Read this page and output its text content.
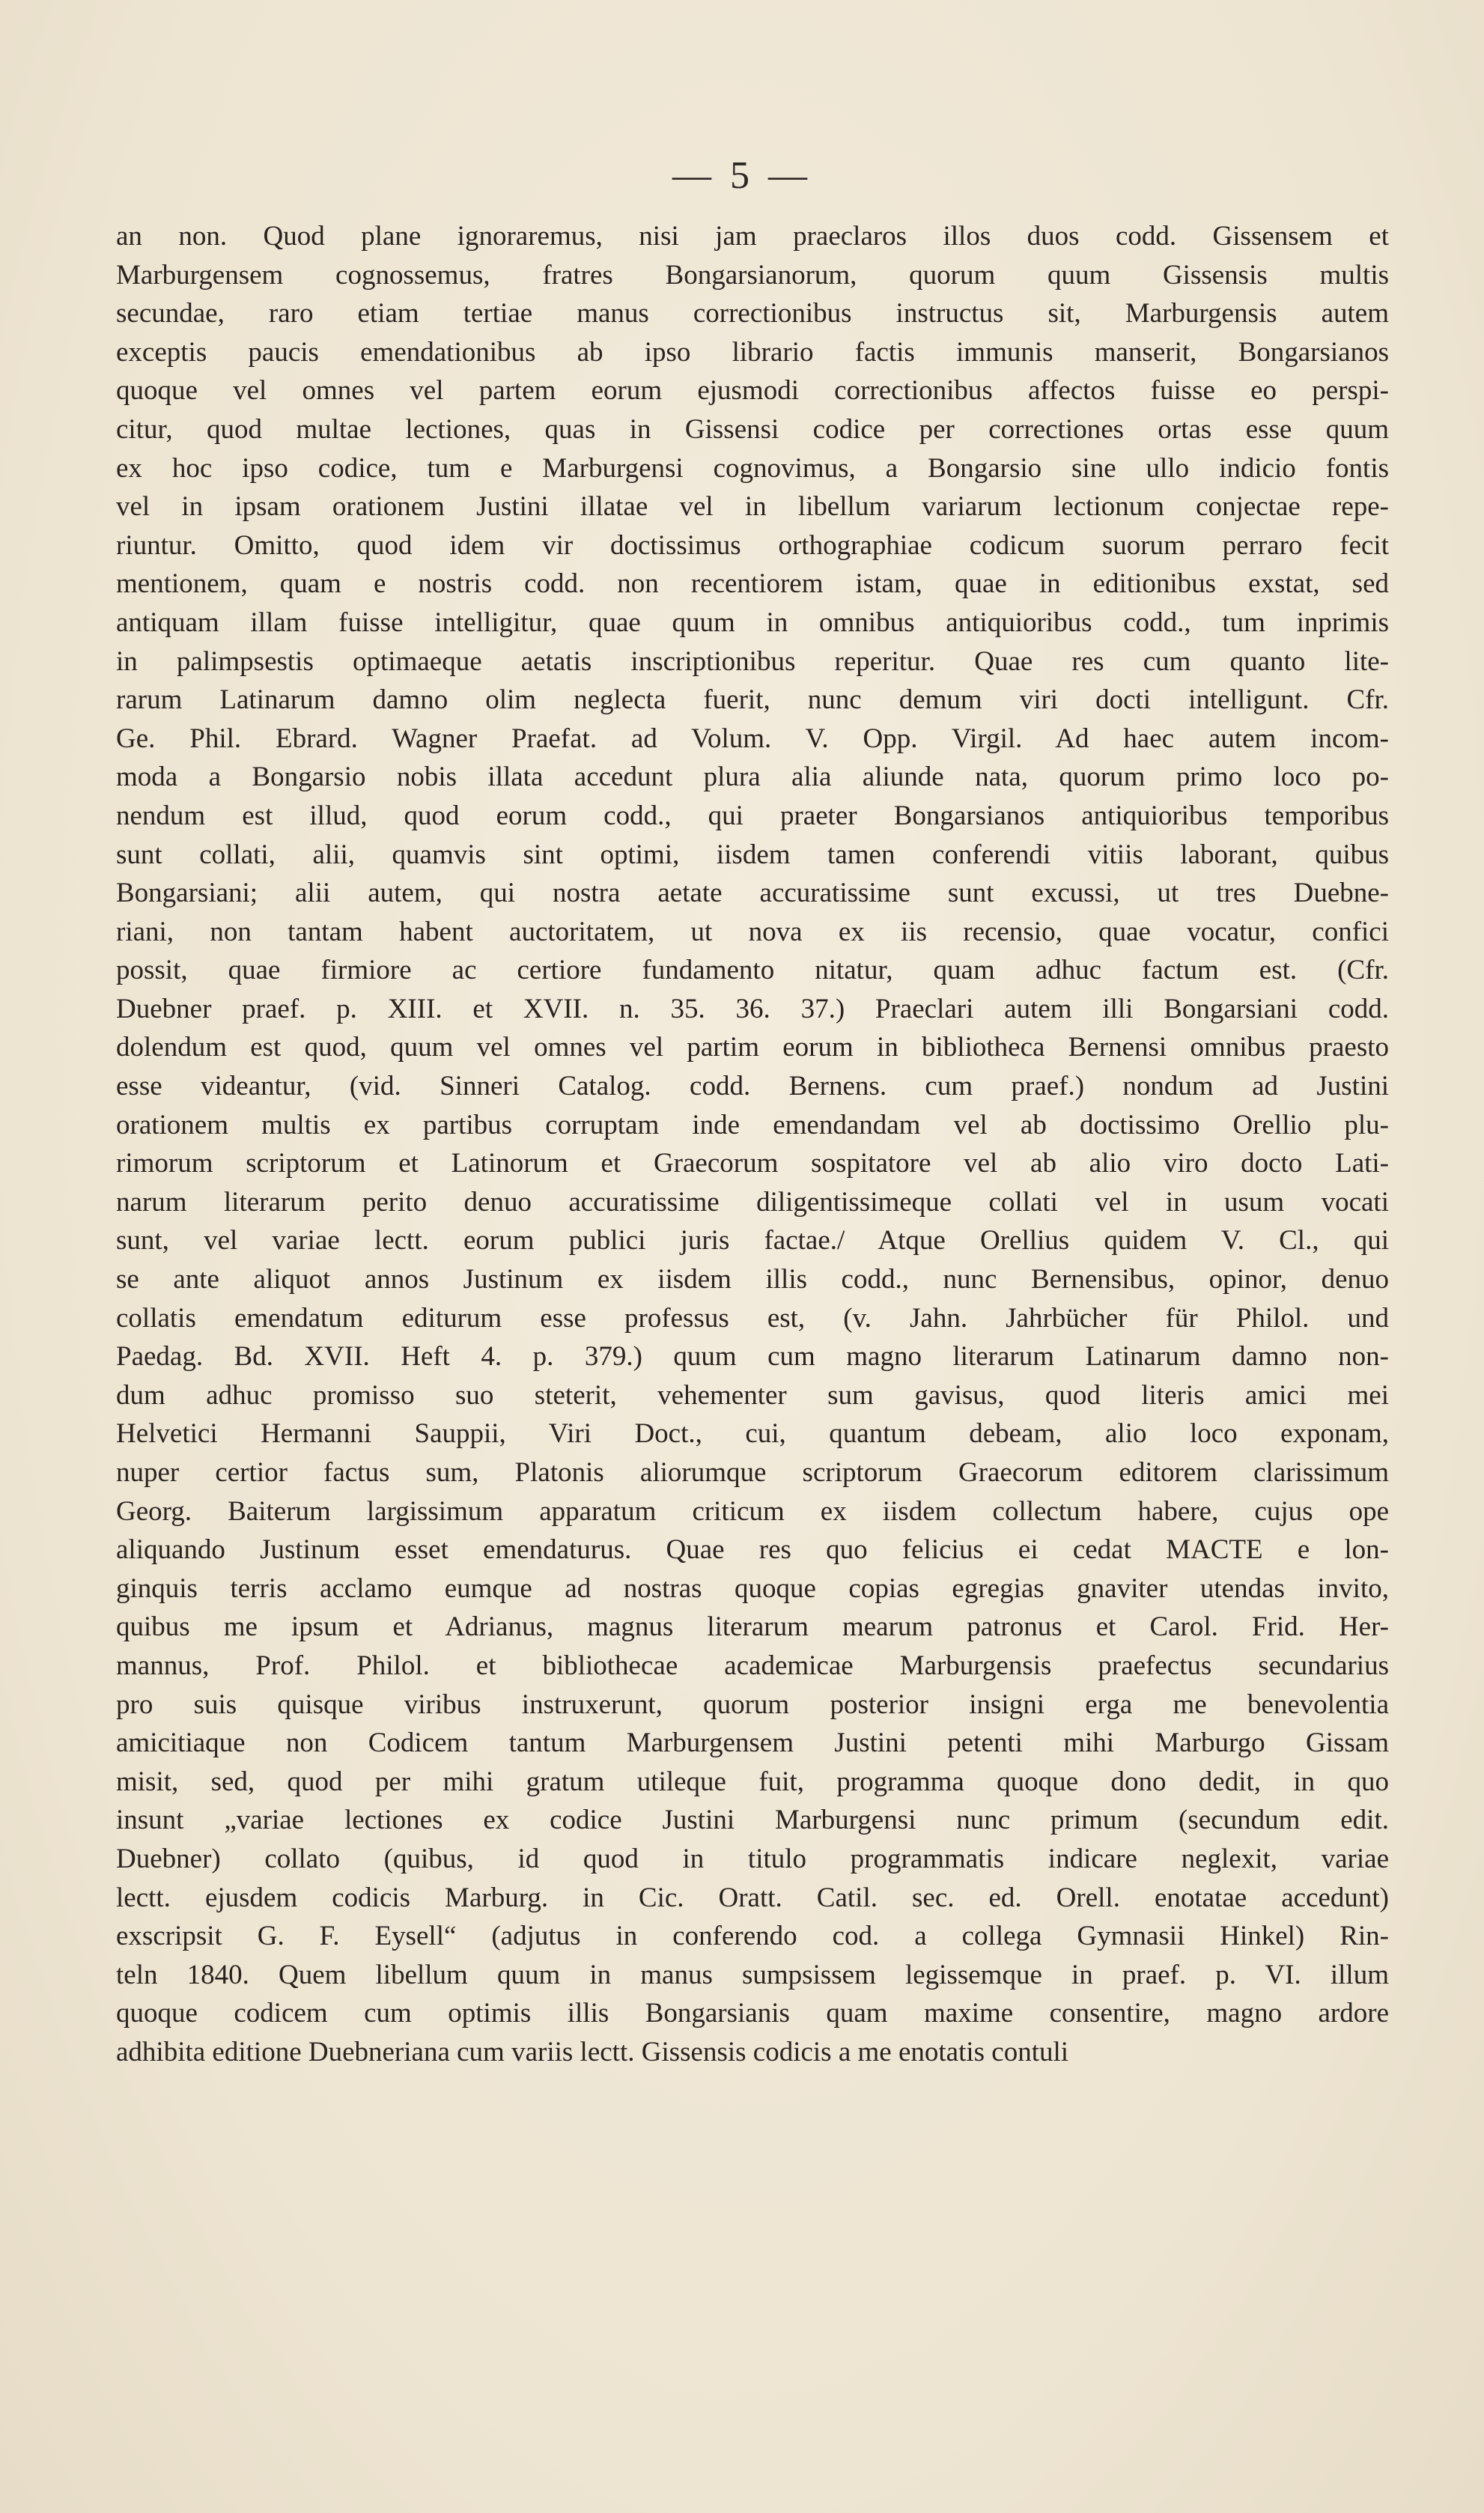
— 5 —
an non. Quod plane ignoraremus, nisi jam praeclaros illos duos codd. Gissensem et
Marburgensem cognossemus, fratres Bongarsianorum, quorum quum Gissensis multis
secundae, raro etiam tertiae manus correctionibus instructus sit, Marburgensis autem
exceptis paucis emendationibus ab ipso librario factis immunis manserit, Bongarsianos
quoque vel omnes vel partem eorum ejusmodi correctionibus affectos fuisse eo perspi-
citur, quod multae lectiones, quas in Gissensi codice per correctiones ortas esse quum
ex hoc ipso codice, tum e Marburgensi cognovimus, a Bongarsio sine ullo indicio fontis
vel in ipsam orationem Justini illatae vel in libellum variarum lectionum conjectae repe-
riuntur. Omitto, quod idem vir doctissimus orthographiae codicum suorum perraro fecit
mentionem, quam e nostris codd. non recentiorem istam, quae in editionibus exstat, sed
antiquam illam fuisse intelligitur, quae quum in omnibus antiquioribus codd., tum inprimis
in palimpsestis optimaeque aetatis inscriptionibus reperitur. Quae res cum quanto lite-
rarum Latinarum damno olim neglecta fuerit, nunc demum viri docti intelligunt. Cfr.
Ge. Phil. Ebrard. Wagner Praefat. ad Volum. V. Opp. Virgil. Ad haec autem incom-
moda a Bongarsio nobis illata accedunt plura alia aliunde nata, quorum primo loco po-
nendum est illud, quod eorum codd., qui praeter Bongarsianos antiquioribus temporibus
sunt collati, alii, quamvis sint optimi, iisdem tamen conferendi vitiis laborant, quibus
Bongarsiani; alii autem, qui nostra aetate accuratissime sunt excussi, ut tres Duebne-
riani, non tantam habent auctoritatem, ut nova ex iis recensio, quae vocatur, confici
possit, quae firmiore ac certiore fundamento nitatur, quam adhuc factum est. (Cfr.
Duebner praef. p. XIII. et XVII. n. 35. 36. 37.) Praeclari autem illi Bongarsiani codd.
dolendum est quod, quum vel omnes vel partim eorum in bibliotheca Bernensi omnibus praesto
esse videantur, (vid. Sinneri Catalog. codd. Bernens. cum praef.) nondum ad Justini
orationem multis ex partibus corruptam inde emendandam vel ab doctissimo Orellio plu-
rimorum scriptorum et Latinorum et Graecorum sospitatore vel ab alio viro docto Lati-
narum literarum perito denuo accuratissime diligentissimeque collati vel in usum vocati
sunt, vel variae lectt. eorum publici juris factae./ Atque Orellius quidem V. Cl., qui
se ante aliquot annos Justinum ex iisdem illis codd., nunc Bernensibus, opinor, denuo
collatis emendatum editurum esse professus est, (v. Jahn. Jahrbücher für Philol. und
Paedag. Bd. XVII. Heft 4. p. 379.) quum cum magno literarum Latinarum damno non-
dum adhuc promisso suo steterit, vehementer sum gavisus, quod literis amici mei
Helvetici Hermanni Sauppii, Viri Doct., cui, quantum debeam, alio loco exponam,
nuper certior factus sum, Platonis aliorumque scriptorum Graecorum editorem clarissimum
Georg. Baiterum largissimum apparatum criticum ex iisdem collectum habere, cujus ope
aliquando Justinum esset emendaturus. Quae res quo felicius ei cedat MACTE e lon-
ginquis terris acclamo eumque ad nostras quoque copias egregias gnaviter utendas invito,
quibus me ipsum et Adrianus, magnus literarum mearum patronus et Carol. Frid. Her-
mannus, Prof. Philol. et bibliothecae academicae Marburgensis praefectus secundarius
pro suis quisque viribus instruxerunt, quorum posterior insigni erga me benevolentia
amicitiaque non Codicem tantum Marburgensem Justini petenti mihi Marburgo Gissam
misit, sed, quod per mihi gratum utileque fuit, programma quoque dono dedit, in quo
insunt „variae lectiones ex codice Justini Marburgensi nunc primum (secundum edit.
Duebner) collato (quibus, id quod in titulo programmatis indicare neglexit, variae
lectt. ejusdem codicis Marburg. in Cic. Oratt. Catil. sec. ed. Orell. enotatae accedunt)
exscripsit G. F. Eysell“ (adjutus in conferendo cod. a collega Gymnasii Hinkel) Rin-
teln 1840. Quem libellum quum in manus sumpsissem legissemque in praef. p. VI. illum
quoque codicem cum optimis illis Bongarsianis quam maxime consentire, magno ardore
adhibita editione Duebneriana cum variis lectt. Gissensis codicis a me enotatis contuli
